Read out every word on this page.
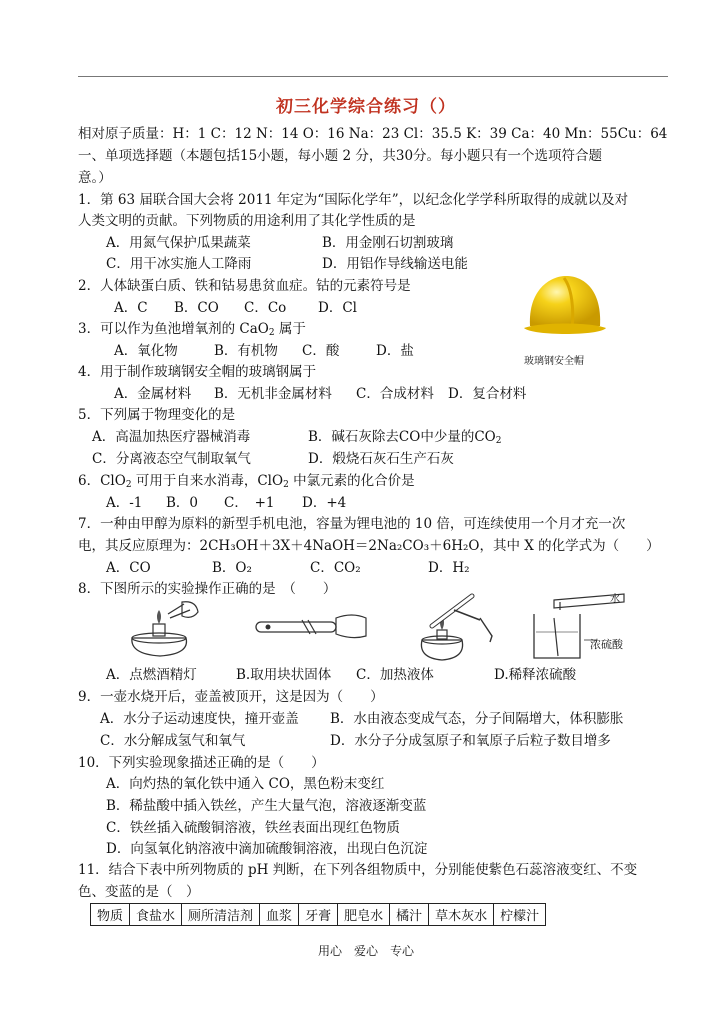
初三化学综合练习（）
相对原子质量：H：1 C：12 N：14 O：16 Na：23 Cl：35.5 K：39 Ca：40 Mn：55Cu：64
一、单项选择题（本题包括15小题，每小题 2 分，共30分。每小题只有一个选项符合题
意。）
1．第 63 届联合国大会将 2011 年定为“国际化学年”，以纪念化学学科所取得的成就以及对
人类文明的贡献。下列物质的用途利用了其化学性质的是
A．用氮气保护瓜果蔬菜	B．用金刚石切割玻璃
C．用干冰实施人工降雨	D．用铝作导线输送电能
2．人体缺蛋白质、铁和钴易患贫血症。钴的元素符号是
A．C B．CO C．Co D．Cl
玻璃钢安全帽
3．可以作为鱼池增氧剂的 CaO$_2$ 属于
A．氧化物	B．有机物 C．酸	D．盐
4．用于制作玻璃钢安全帽的玻璃钢属于
A．金属材料 B．无机非金属材料 C．合成材料 D．复合材料
5．下列属于物理变化的是
A．高温加热医疗器械消毒	B．碱石灰除去CO中少量的$CO_2$
C．分离液态空气制取氧气	D．煅烧石灰石生产石灰
6．ClO$_2$ 可用于自来水消毒，ClO$_2$ 中氯元素的化合价是
A．-1 B．0 C．　+1 D．+4
7．一种由甲醇为原料的新型手机电池，容量为锂电池的 10 倍，可连续使用一个月才充一次
电，其反应原理为：2CH₃OH＋3X＋4NaOH＝2Na₂CO₃＋6H₂O，其中 X 的化学式为（　　）
A．CO	B．O₂	C．CO₂	D．H₂
8．下图所示的实验操作正确的是　（　　）
水
浓硫酸
A．点燃酒精灯	B.取用块状固体 C．加热液体	D.稀释浓硫酸
9．一壶水烧开后，壶盖被顶开，这是因为（　　）
A．水分子运动速度快，撞开壶盖 B．水由液态变成气态，分子间隔增大，体积膨胀
C．水分解成氢气和氧气	D．水分子分成氢原子和氧原子后粒子数目增多
10．下列实验现象描述正确的是（　　）
A．向灼热的氧化铁中通入 CO，黑色粉末变红
B．稀盐酸中插入铁丝，产生大量气泡，溶液逐渐变蓝
C．铁丝插入硫酸铜溶液，铁丝表面出现红色物质
D．向氢氧化钠溶液中滴加硫酸铜溶液，出现白色沉淀
11．结合下表中所列物质的 pH 判断，在下列各组物质中，分别能使紫色石蕊溶液变红、不变
色、变蓝的是（　）
物质	食盐水	厕所清洁剂	血浆	牙膏	肥皂水	橘汁	草木灰水	柠檬汁
用心　爱心　专心
